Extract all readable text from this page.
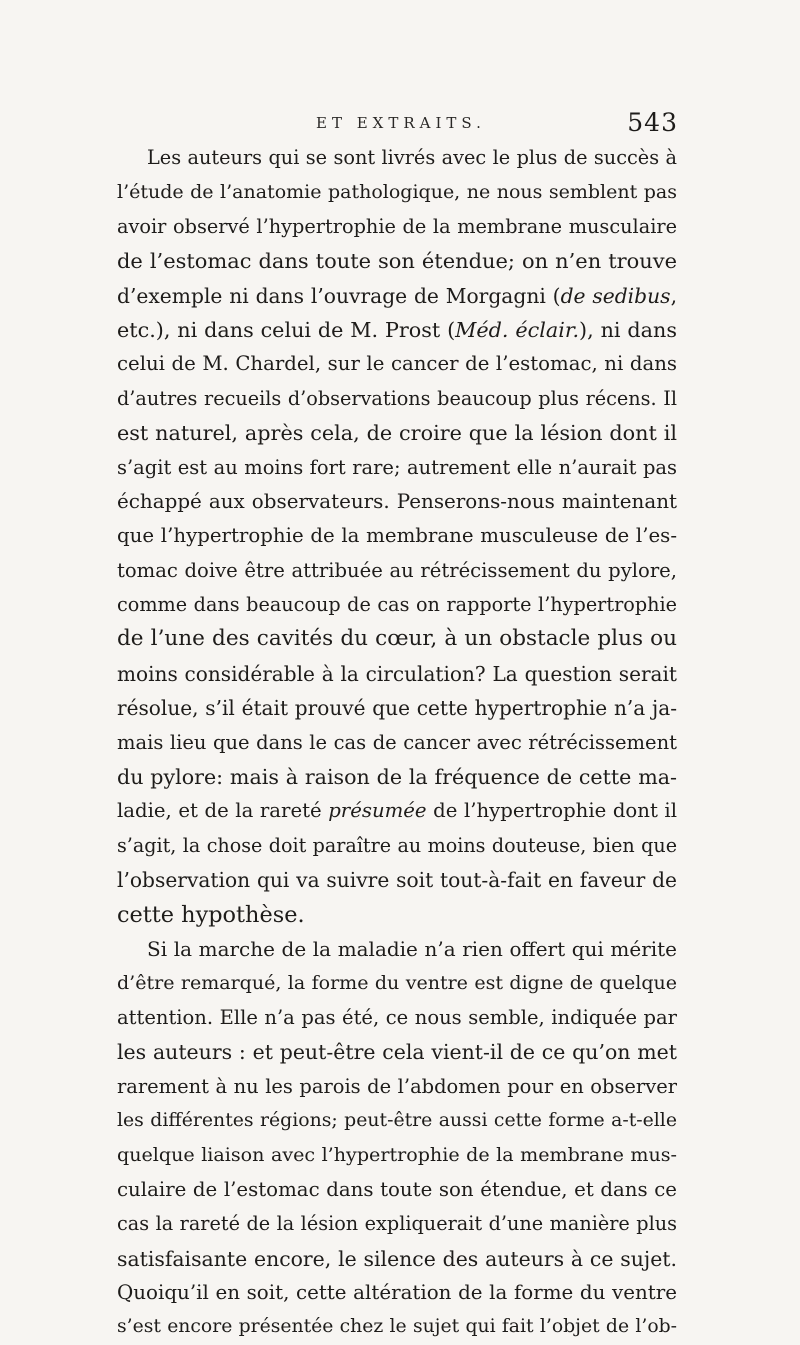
ET EXTRAITS.	543
Les auteurs qui se sont livrés avec le plus de succès à
l’étude de l’anatomie pathologique, ne nous semblent pas
avoir observé l’hypertrophie de la membrane musculaire
de l’estomac dans toute son étendue; on n’en trouve
d’exemple ni dans l’ouvrage de Morgagni (de sedibus,
etc.), ni dans celui de M. Prost (Méd. éclair.), ni dans
celui de M. Chardel, sur le cancer de l’estomac, ni dans
d’autres recueils d’observations beaucoup plus récens. Il
est naturel, après cela, de croire que la lésion dont il
s’agit est au moins fort rare; autrement elle n’aurait pas
échappé aux observateurs. Penserons-nous maintenant
que l’hypertrophie de la membrane musculeuse de l’es-
tomac doive être attribuée au rétrécissement du pylore,
comme dans beaucoup de cas on rapporte l’hypertrophie
de l’une des cavités du cœur, à un obstacle plus ou
moins considérable à la circulation? La question serait
résolue, s’il était prouvé que cette hypertrophie n’a ja-
mais lieu que dans le cas de cancer avec rétrécissement
du pylore: mais à raison de la fréquence de cette ma-
ladie, et de la rareté présumée de l’hypertrophie dont il
s’agit, la chose doit paraître au moins douteuse, bien que
l’observation qui va suivre soit tout-à-fait en faveur de
cette hypothèse.
Si la marche de la maladie n’a rien offert qui mérite
d’être remarqué, la forme du ventre est digne de quelque
attention. Elle n’a pas été, ce nous semble, indiquée par
les auteurs : et peut-être cela vient-il de ce qu’on met
rarement à nu les parois de l’abdomen pour en observer
les différentes régions; peut-être aussi cette forme a-t-elle
quelque liaison avec l’hypertrophie de la membrane mus-
culaire de l’estomac dans toute son étendue, et dans ce
cas la rareté de la lésion expliquerait d’une manière plus
satisfaisante encore, le silence des auteurs à ce sujet.
Quoiqu’il en soit, cette altération de la forme du ventre
s’est encore présentée chez le sujet qui fait l’objet de l’ob-
